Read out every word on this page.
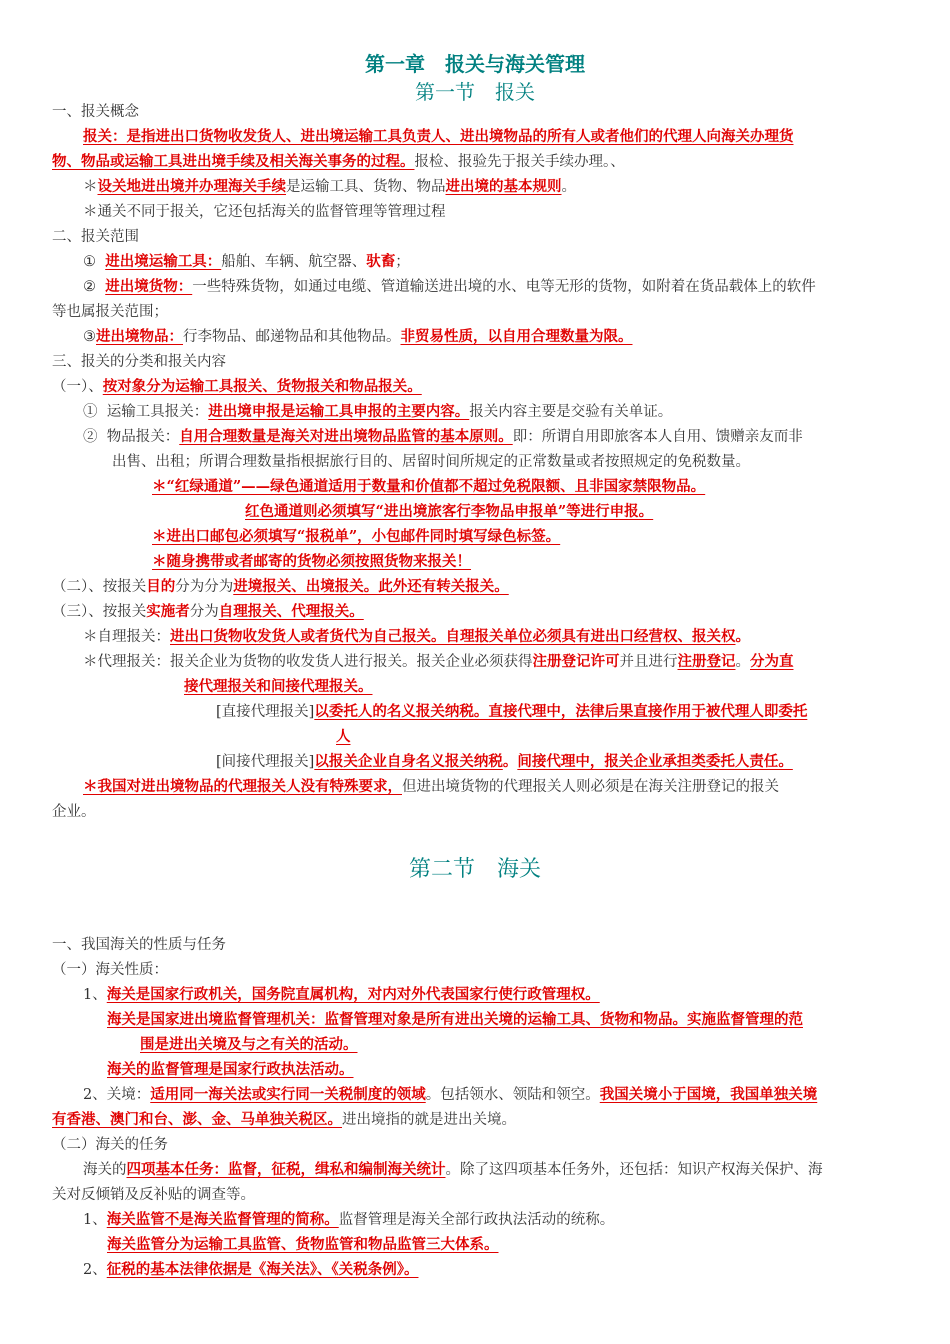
第一章　报关与海关管理
第一节　报关
一、报关概念
报关：是指进出口货物收发货人、进出境运输工具负责人、进出境物品的所有人或者他们的代理人向海关办理货
物、物品或运输工具进出境手续及相关海关事务的过程。报检、报验先于报关手续办理。、
＊设关地进出境并办理海关手续是运输工具、货物、物品进出境的基本规则。
＊通关不同于报关，它还包括海关的监督管理等管理过程
二、报关范围
① 进出境运输工具：船舶、车辆、航空器、驮畜；
② 进出境货物：一些特殊货物，如通过电缆、管道输送进出境的水、电等无形的货物，如附着在货品载体上的软件
等也属报关范围；
③进出境物品：行李物品、邮递物品和其他物品。非贸易性质，以自用合理数量为限。
三、报关的分类和报关内容
（一）、按对象分为运输工具报关、货物报关和物品报关。
① 运输工具报关：进出境申报是运输工具申报的主要内容。报关内容主要是交验有关单证。
② 物品报关：自用合理数量是海关对进出境物品监管的基本原则。即：所谓自用即旅客本人自用、馈赠亲友而非
出售、出租；所谓合理数量指根据旅行目的、居留时间所规定的正常数量或者按照规定的免税数量。
＊“红绿通道”——绿色通道适用于数量和价值都不超过免税限额、且非国家禁限物品。
红色通道则必须填写“进出境旅客行李物品申报单”等进行申报。
＊进出口邮包必须填写“报税单”，小包邮件同时填写绿色标签。
＊随身携带或者邮寄的货物必须按照货物来报关！
（二）、按报关目的分为分为进境报关、出境报关。此外还有转关报关。
（三）、按报关实施者分为自理报关、代理报关。
＊自理报关：进出口货物收发货人或者货代为自己报关。自理报关单位必须具有进出口经营权、报关权。
＊代理报关：报关企业为货物的收发货人进行报关。报关企业必须获得注册登记许可并且进行注册登记。分为直
接代理报关和间接代理报关。
[直接代理报关]以委托人的名义报关纳税。直接代理中，法律后果直接作用于被代理人即委托
人
[间接代理报关]以报关企业自身名义报关纳税。间接代理中，报关企业承担类委托人责任。
＊我国对进出境物品的代理报关人没有特殊要求，但进出境货物的代理报关人则必须是在海关注册登记的报关
企业。
第二节　海关
一、我国海关的性质与任务
（一）海关性质：
1、海关是国家行政机关，国务院直属机构，对内对外代表国家行使行政管理权。
海关是国家进出境监督管理机关：监督管理对象是所有进出关境的运输工具、货物和物品。实施监督管理的范
围是进出关境及与之有关的活动。
海关的监督管理是国家行政执法活动。
2、关境：适用同一海关法或实行同一关税制度的领域。包括领水、领陆和领空。我国关境小于国境，我国单独关境
有香港、澳门和台、澎、金、马单独关税区。进出境指的就是进出关境。
（二）海关的任务
海关的四项基本任务：监督，征税，缉私和编制海关统计。除了这四项基本任务外，还包括：知识产权海关保护、海
关对反倾销及反补贴的调查等。
1、海关监管不是海关监督管理的简称。监督管理是海关全部行政执法活动的统称。
海关监管分为运输工具监管、货物监管和物品监管三大体系。
2、征税的基本法律依据是《海关法》、《关税条例》。
